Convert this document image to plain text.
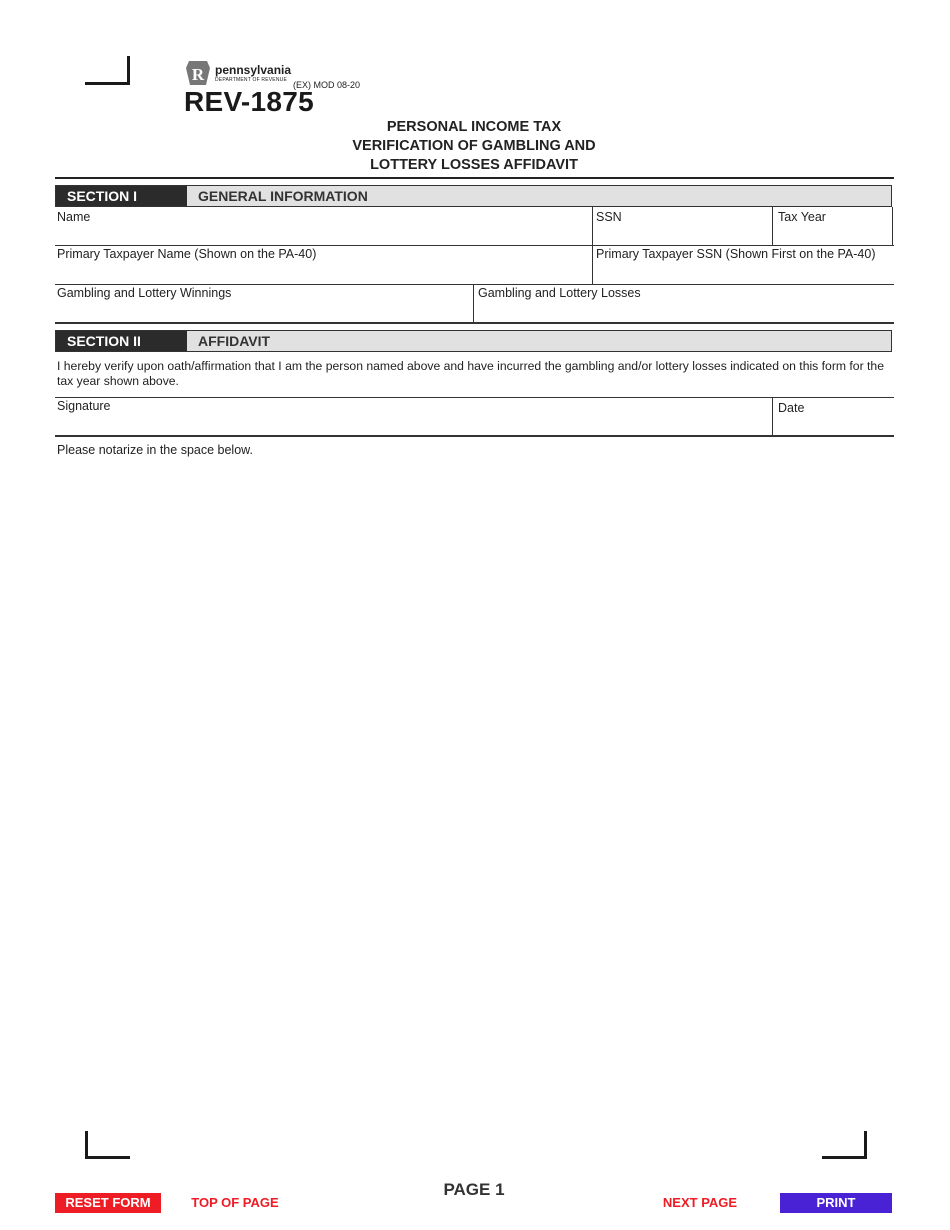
R pennsylvania
DEPARTMENT OF REVENUE (EX) MOD 08-20
REV-1875
PERSONAL INCOME TAX
VERIFICATION OF GAMBLING AND
LOTTERY LOSSES AFFIDAVIT
SECTION I	GENERAL INFORMATION
Name	SSN	Tax Year
Primary Taxpayer Name (Shown on the PA-40)	Primary Taxpayer SSN (Shown First on the PA-40)
Gambling and Lottery Winnings	Gambling and Lottery Losses
SECTION II	AFFIDAVIT
I hereby verify upon oath/affirmation that I am the person named above and have incurred the gambling and/or lottery losses indicated on this form for the tax year shown above.
Signature	Date
Please notarize in the space below.
PAGE 1
RESET FORM	TOP OF PAGE	NEXT PAGE	PRINT
